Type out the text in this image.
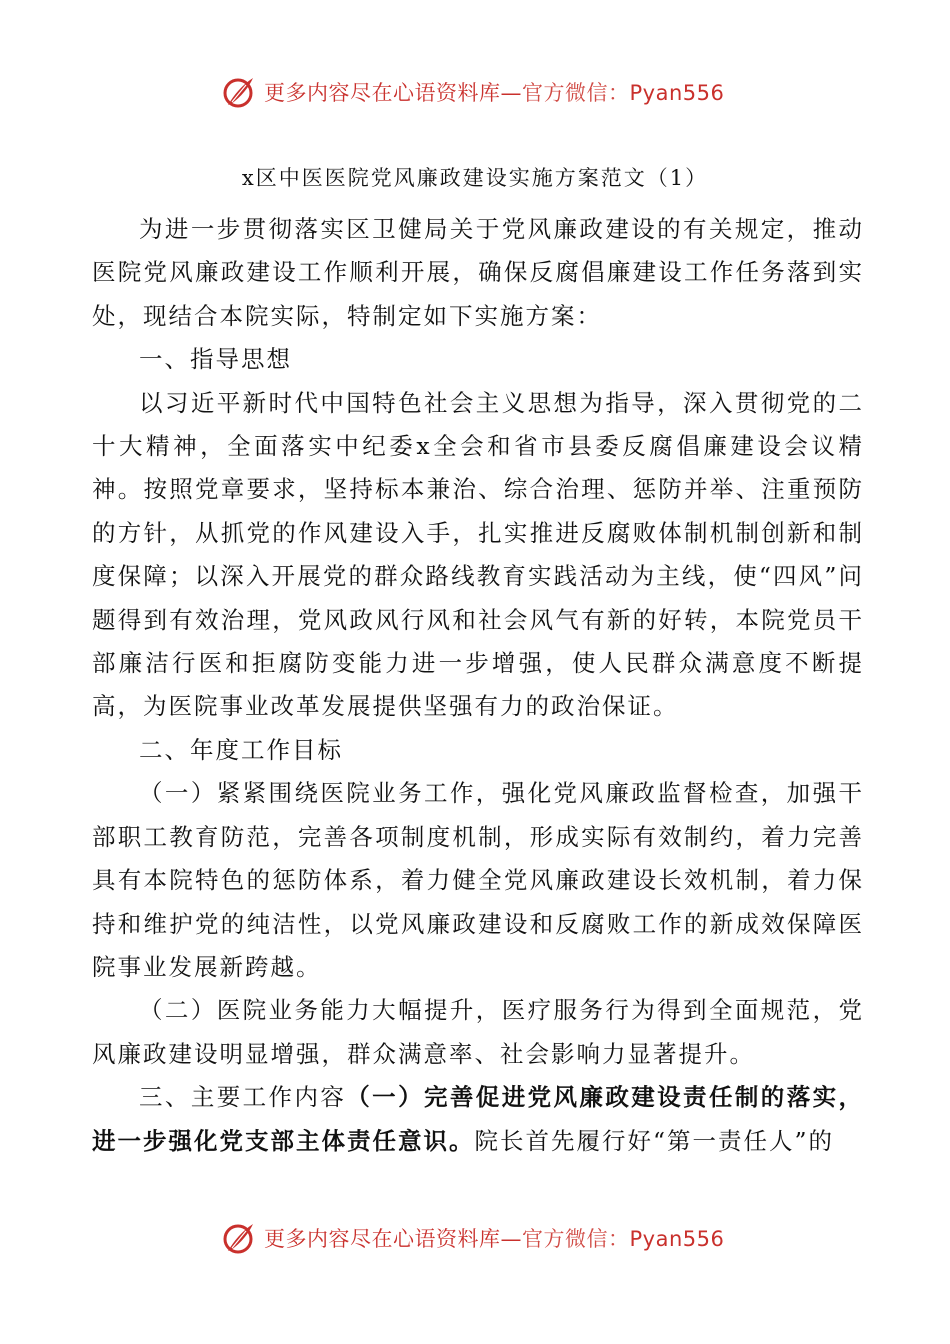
更多内容尽在心语资料库—官方微信：Pyan556
x区中医医院党风廉政建设实施方案范文（1）

为进一步贯彻落实区卫健局关于党风廉政建设的有关规定，推动医院党风廉政建设工作顺利开展，确保反腐倡廉建设工作任务落到实处，现结合本院实际，特制定如下实施方案：

一、指导思想

以习近平新时代中国特色社会主义思想为指导，深入贯彻党的二十大精神，全面落实中纪委x全会和省市县委反腐倡廉建设会议精神。按照党章要求，坚持标本兼治、综合治理、惩防并举、注重预防的方针，从抓党的作风建设入手，扎实推进反腐败体制机制创新和制度保障；以深入开展党的群众路线教育实践活动为主线，使“四风”问题得到有效治理，党风政风行风和社会风气有新的好转，本院党员干部廉洁行医和拒腐防变能力进一步增强，使人民群众满意度不断提高，为医院事业改革发展提供坚强有力的政治保证。

二、年度工作目标

（一）紧紧围绕医院业务工作，强化党风廉政监督检查，加强干部职工教育防范，完善各项制度机制，形成实际有效制约，着力完善具有本院特色的惩防体系，着力健全党风廉政建设长效机制，着力保持和维护党的纯洁性，以党风廉政建设和反腐败工作的新成效保障医院事业发展新跨越。

（二）医院业务能力大幅提升，医疗服务行为得到全面规范，党风廉政建设明显增强，群众满意率、社会影响力显著提升。

三、主要工作内容（一）完善促进党风廉政建设责任制的落实，进一步强化党支部主体责任意识。院长首先履行好“第一责任人”的

更多内容尽在心语资料库—官方微信：Pyan556
